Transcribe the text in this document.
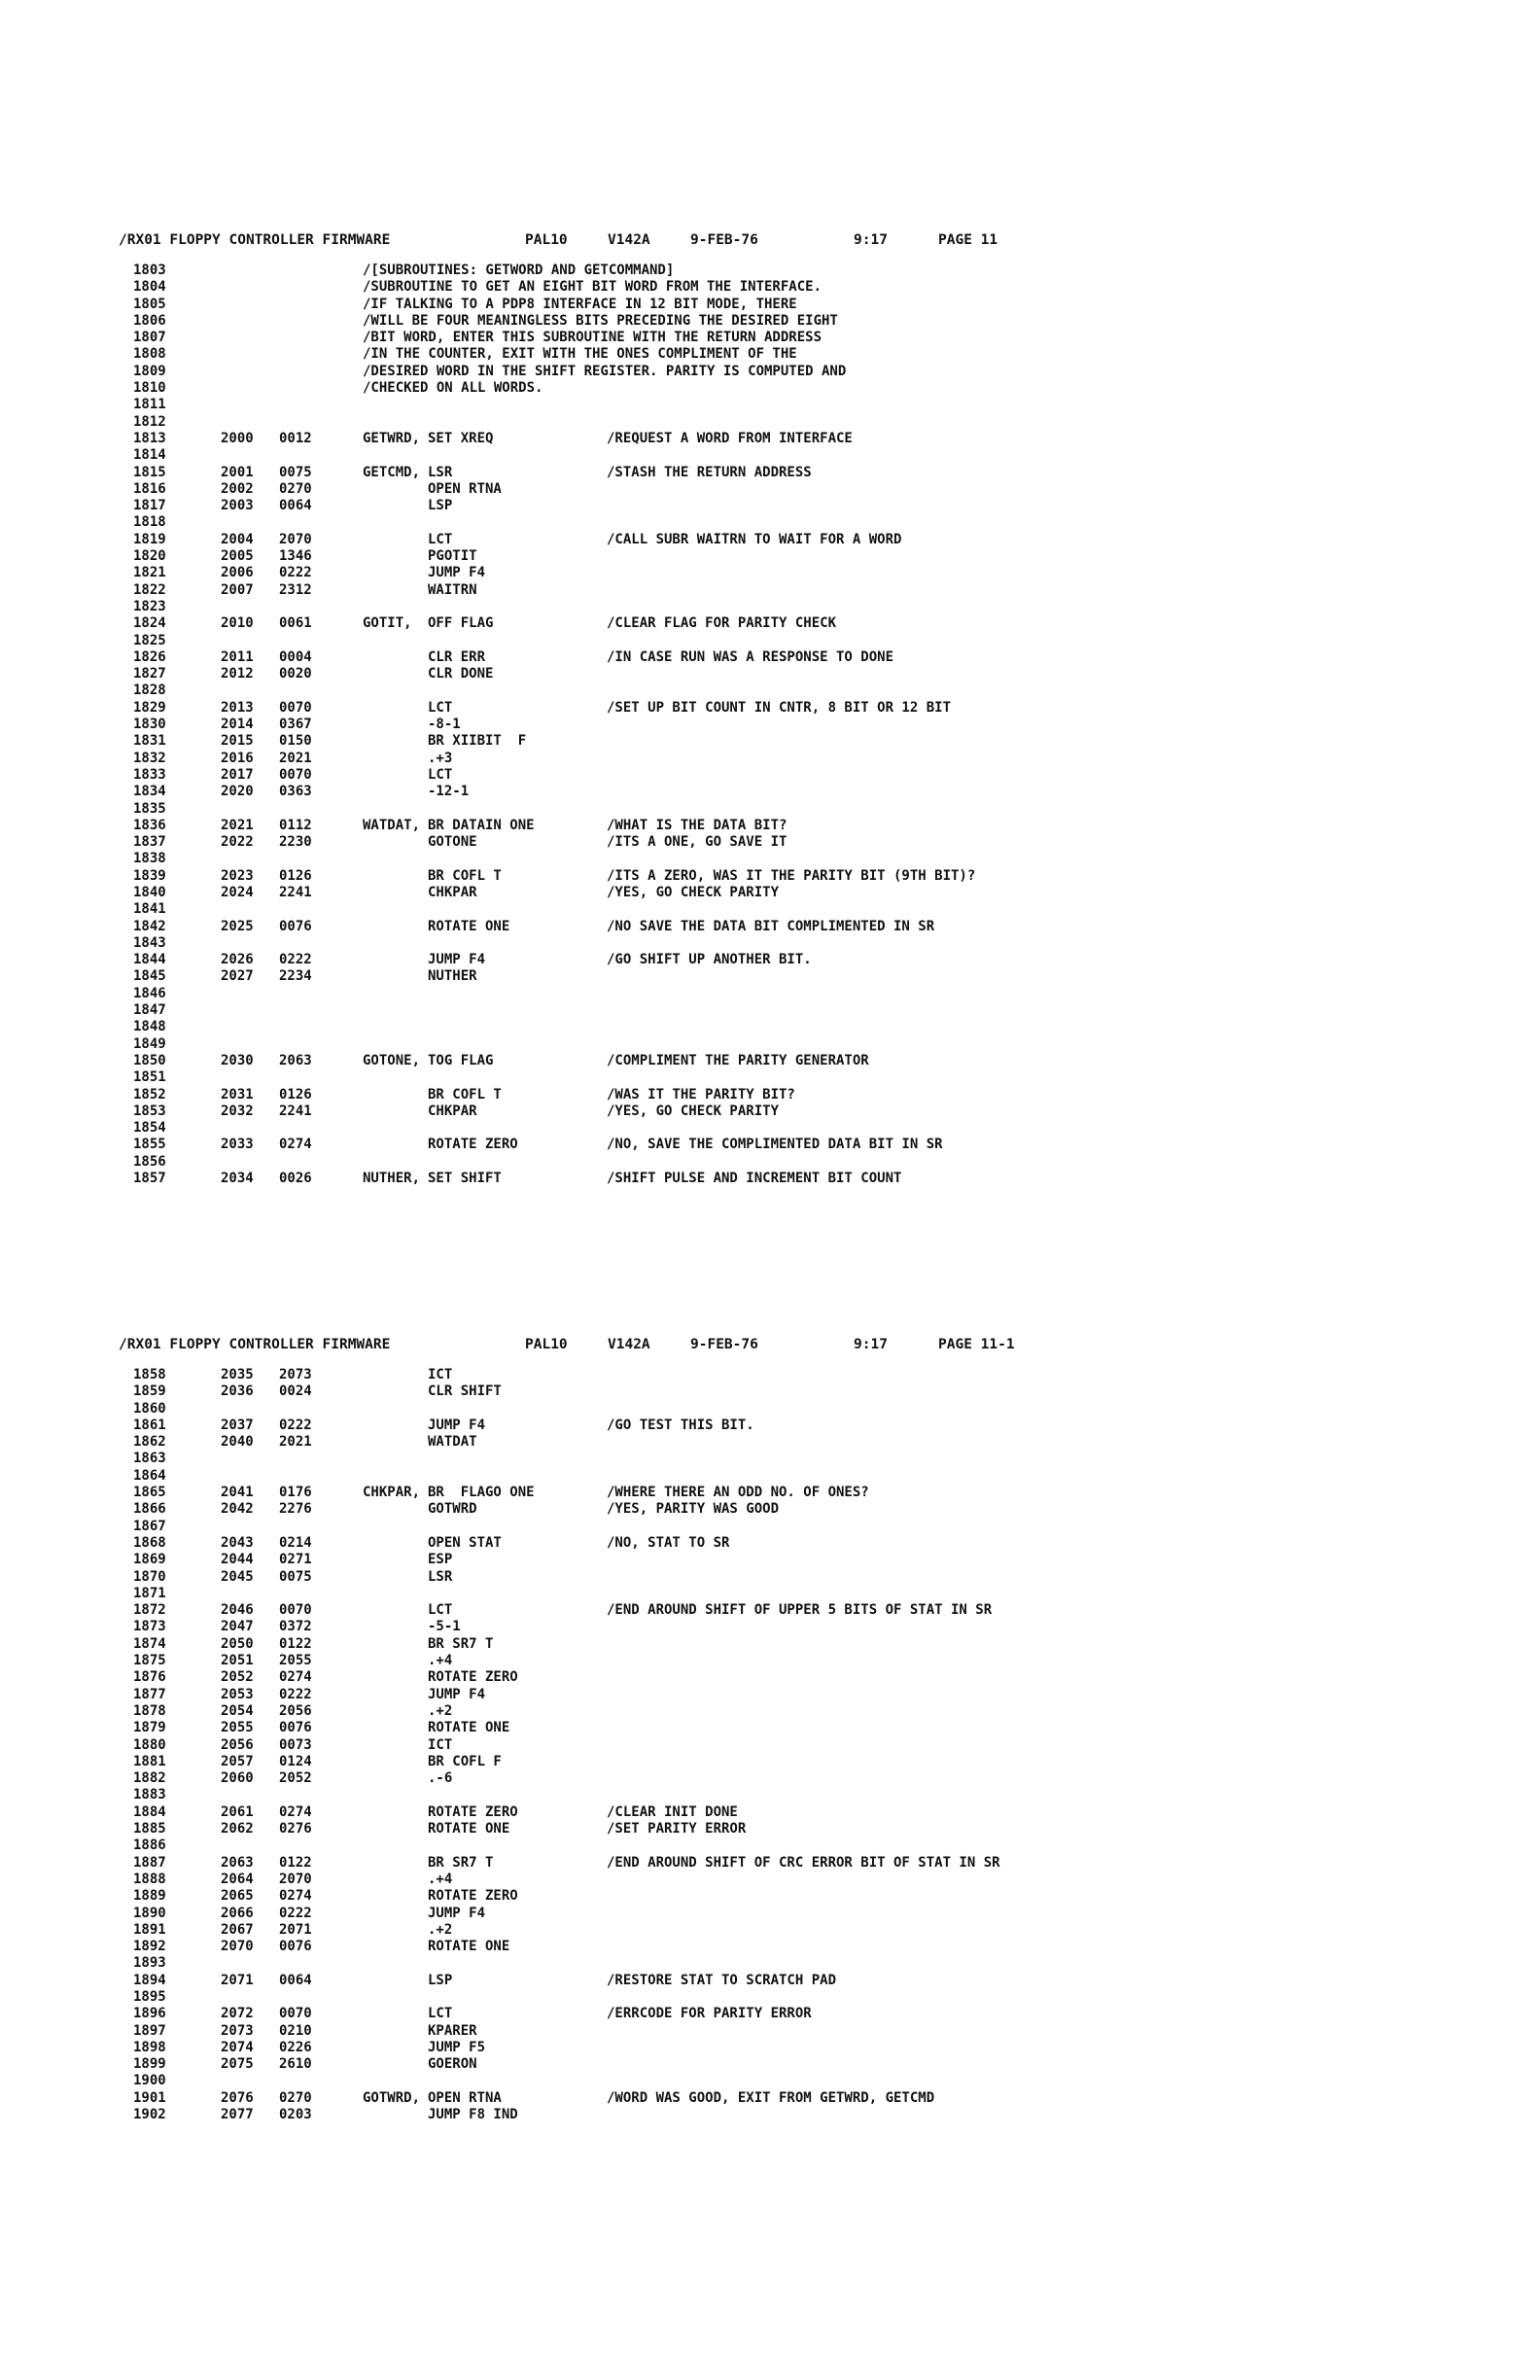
/RX01 FLOPPY CONTROLLER FIRMWARE	PAL10	V142A	9-FEB-76	9:17	PAGE 11
1803	/[SUBROUTINES: GETWORD AND GETCOMMAND]
1804	/SUBROUTINE TO GET AN EIGHT BIT WORD FROM THE INTERFACE.
1805	/IF TALKING TO A PDP8 INTERFACE IN 12 BIT MODE, THERE
1806	/WILL BE FOUR MEANINGLESS BITS PRECEDING THE DESIRED EIGHT
1807	/BIT WORD, ENTER THIS SUBROUTINE WITH THE RETURN ADDRESS
1808	/IN THE COUNTER, EXIT WITH THE ONES COMPLIMENT OF THE
1809	/DESIRED WORD IN THE SHIFT REGISTER. PARITY IS COMPUTED AND
1810	/CHECKED ON ALL WORDS.
1811
1812
1813	2000 0012	GETWRD, SET XREQ	/REQUEST A WORD FROM INTERFACE
1814
1815	2001 0075	GETCMD, LSR	/STASH THE RETURN ADDRESS
1816	2002 0270	OPEN RTNA
1817	2003 0064	LSP
1818
1819	2004 2070	LCT	/CALL SUBR WAITRN TO WAIT FOR A WORD
1820	2005 1346	PGOTIT
1821	2006 0222	JUMP F4
1822	2007 2312	WAITRN
1823
1824	2010 0061	GOTIT, OFF FLAG	/CLEAR FLAG FOR PARITY CHECK
1825
1826	2011 0004	CLR ERR	/IN CASE RUN WAS A RESPONSE TO DONE
1827	2012 0020	CLR DONE
1828
1829	2013 0070	LCT	/SET UP BIT COUNT IN CNTR, 8 BIT OR 12 BIT
1830	2014 0367	-8-1
1831	2015 0150	BR XIIBIT  F
1832	2016 2021	.+3
1833	2017 0070	LCT
1834	2020 0363	-12-1
1835
1836	2021 0112	WATDAT, BR DATAIN ONE	/WHAT IS THE DATA BIT?
1837	2022 2230	GOTONE	/ITS A ONE, GO SAVE IT
1838
1839	2023 0126	BR COFL T	/ITS A ZERO, WAS IT THE PARITY BIT (9TH BIT)?
1840	2024 2241	CHKPAR	/YES, GO CHECK PARITY
1841
1842	2025 0076	ROTATE ONE	/NO SAVE THE DATA BIT COMPLIMENTED IN SR
1843
1844	2026 0222	JUMP F4	/GO SHIFT UP ANOTHER BIT.
1845	2027 2234	NUTHER
1846
1847
1848
1849
1850	2030 2063	GOTONE, TOG FLAG	/COMPLIMENT THE PARITY GENERATOR
1851
1852	2031 0126	BR COFL T	/WAS IT THE PARITY BIT?
1853	2032 2241	CHKPAR	/YES, GO CHECK PARITY
1854
1855	2033 0274	ROTATE ZERO	/NO, SAVE THE COMPLIMENTED DATA BIT IN SR
1856
1857	2034 0026	NUTHER, SET SHIFT	/SHIFT PULSE AND INCREMENT BIT COUNT
/RX01 FLOPPY CONTROLLER FIRMWARE	PAL10	V142A	9-FEB-76	9:17	PAGE 11-1
1858	2035 2073	ICT
1859	2036 0024	CLR SHIFT
1860
1861	2037 0222	JUMP F4	/GO TEST THIS BIT.
1862	2040 2021	WATDAT
1863
1864
1865	2041 0176	CHKPAR, BR  FLAGO ONE	/WHERE THERE AN ODD NO. OF ONES?
1866	2042 2276	GOTWRD	/YES, PARITY WAS GOOD
1867
1868	2043 0214	OPEN STAT	/NO, STAT TO SR
1869	2044 0271	ESP
1870	2045 0075	LSR
1871
1872	2046 0070	LCT	/END AROUND SHIFT OF UPPER 5 BITS OF STAT IN SR
1873	2047 0372	-5-1
1874	2050 0122	BR SR7 T
1875	2051 2055	.+4
1876	2052 0274	ROTATE ZERO
1877	2053 0222	JUMP F4
1878	2054 2056	.+2
1879	2055 0076	ROTATE ONE
1880	2056 0073	ICT
1881	2057 0124	BR COFL F
1882	2060 2052	.-6
1883
1884	2061 0274	ROTATE ZERO	/CLEAR INIT DONE
1885	2062 0276	ROTATE ONE	/SET PARITY ERROR
1886
1887	2063 0122	BR SR7 T	/END AROUND SHIFT OF CRC ERROR BIT OF STAT IN SR
1888	2064 2070	.+4
1889	2065 0274	ROTATE ZERO
1890	2066 0222	JUMP F4
1891	2067 2071	.+2
1892	2070 0076	ROTATE ONE
1893
1894	2071 0064	LSP	/RESTORE STAT TO SCRATCH PAD
1895
1896	2072 0070	LCT	/ERRCODE FOR PARITY ERROR
1897	2073 0210	KPARER
1898	2074 0226	JUMP F5
1899	2075 2610	GOERON
1900
1901	2076 0270	GOTWRD, OPEN RTNA	/WORD WAS GOOD, EXIT FROM GETWRD, GETCMD
1902	2077 0203	JUMP F8 IND
